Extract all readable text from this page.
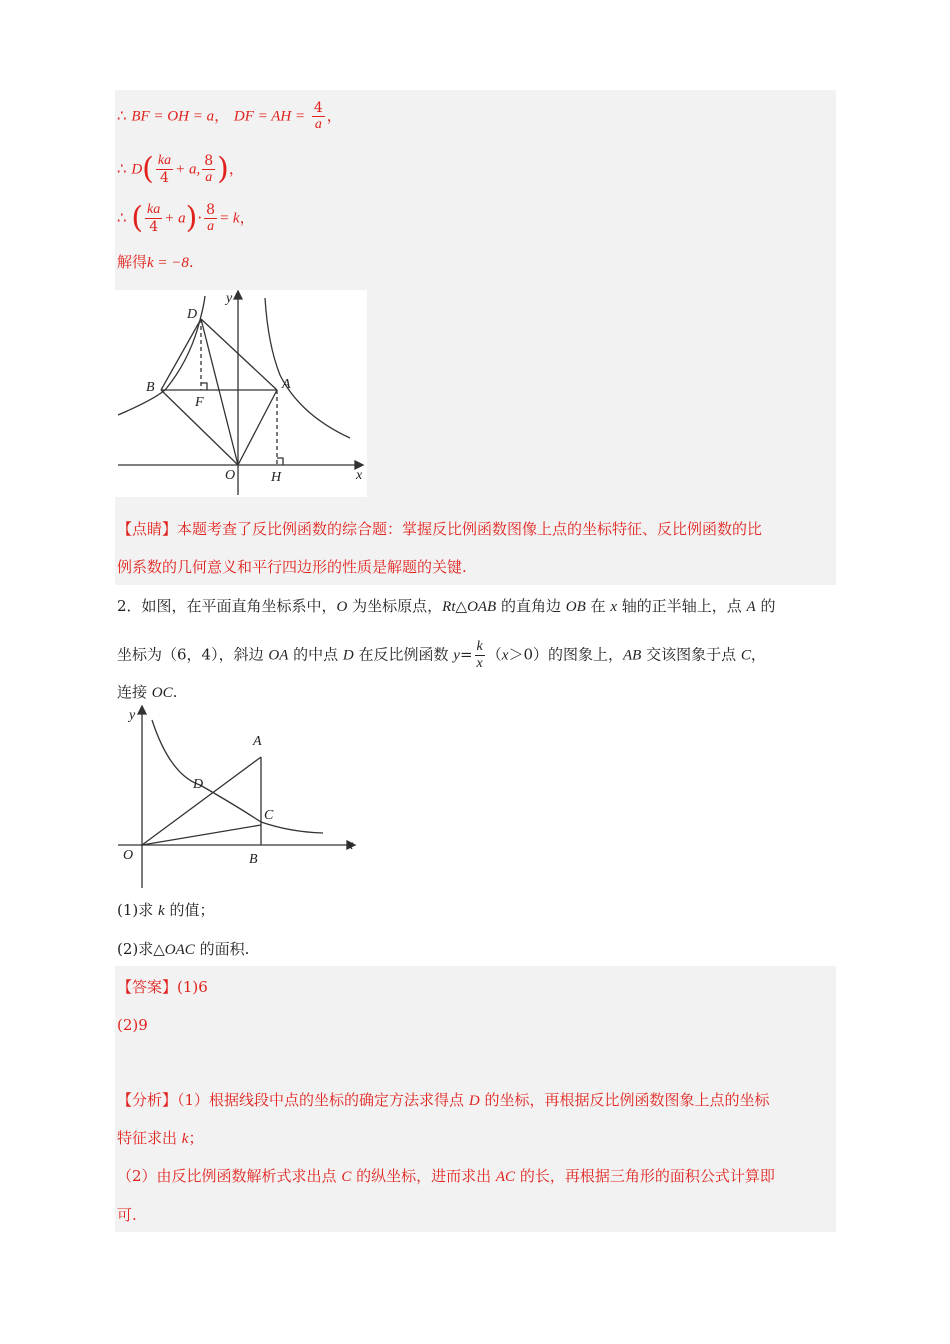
∴ BF = OH = a， DF = AH = $\frac{4}{a}$ ，
∴ $D( \frac{ka}{4} + a$, $\frac{8}{a}$ )，
∴ ( $\frac{ka}{4} + a)\cdot \frac{8}{a} = k$，
解得k = −8.
D
B
F
A
O	H	x
y
【点睛】本题考查了反比例函数的综合题：掌握反比例函数图像上点的坐标特征、反比例函数的比
例系数的几何意义和平行四边形的性质是解题的关键.
2．如图，在平面直角坐标系中，O 为坐标原点，Rt△OAB 的直角边 OB 在 x 轴的正半轴上，点 A 的
坐标为（6，4），斜边 OA 的中点 D 在反比例函数 $y= \frac{k}{x} (x>0)$的图象上，AB 交该图象于点 C，
连接 OC.
y
A
D
C
O	B
x
(1)求 k 的值；
(2)求△OAC 的面积.
【答案】(1)6
(2)9
【分析】（1）根据线段中点的坐标的确定方法求得点 D 的坐标，再根据反比例函数图象上点的坐标
特征求出 k；
（2）由反比例函数解析式求出点 C 的纵坐标，进而求出 AC 的长，再根据三角形的面积公式计算即
可.
